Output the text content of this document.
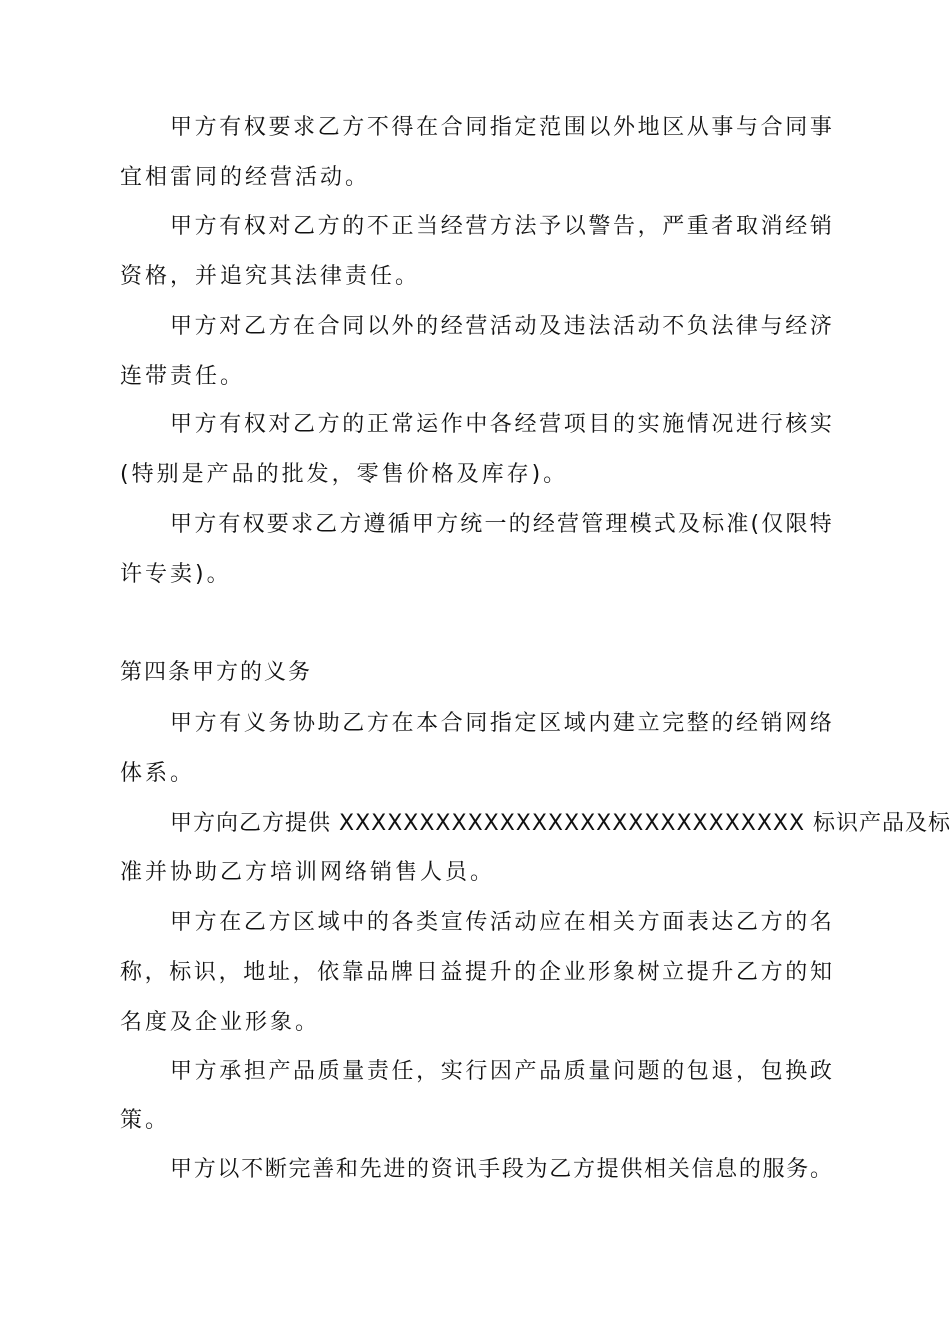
甲 方 有 权 要 求 乙 方 不 得 在 合 同 指 定 范 围 以 外 地 区 从 事 与 合 同 事
宜相雷同的经营活动。
甲 方 有 权 对 乙 方 的 不 正 当 经 营 方 法 予 以 警 告 ， 严 重 者 取 消 经 销
资格，并追究其法律责任。
甲 方 对 乙 方 在 合 同 以 外 的 经 营 活 动 及 违 法 活 动 不 负 法 律 与 经 济
连带责任。
甲 方 有 权 对 乙 方 的 正 常 运 作 中 各 经 营 项 目 的 实 施 情 况 进 行 核 实
(特别是产品的批发，零售价格及库存)。
甲 方 有 权 要 求 乙 方 遵 循 甲 方 统 一 的 经 营 管 理 模 式 及 标 准 ( 仅 限 特
许专卖)。
第四条甲方的义务
甲 方 有 义 务 协 助 乙 方 在 本 合 同 指 定 区 域 内 建 立 完 整 的 经 销 网 络
体系。
甲方向乙方提供 XXXXXXXXXXXXXXXXXXXXXXXXXXXXX 标识产品及标
准并协助乙方培训网络销售人员。
甲 方 在 乙 方 区 域 中 的 各 类 宣 传 活 动 应 在 相 关 方 面 表 达 乙 方 的 名
称 ， 标 识 ， 地 址 ， 依 靠 品 牌 日 益 提 升 的 企 业 形 象 树 立 提 升 乙 方 的 知
名度及企业形象。
甲 方 承 担 产 品 质 量 责 任 ， 实 行 因 产 品 质 量 问 题 的 包 退 ， 包 换 政
策。
甲 方 以 不 断 完 善 和 先 进 的 资 讯 手 段 为 乙 方 提 供 相 关 信 息 的 服 务 。
